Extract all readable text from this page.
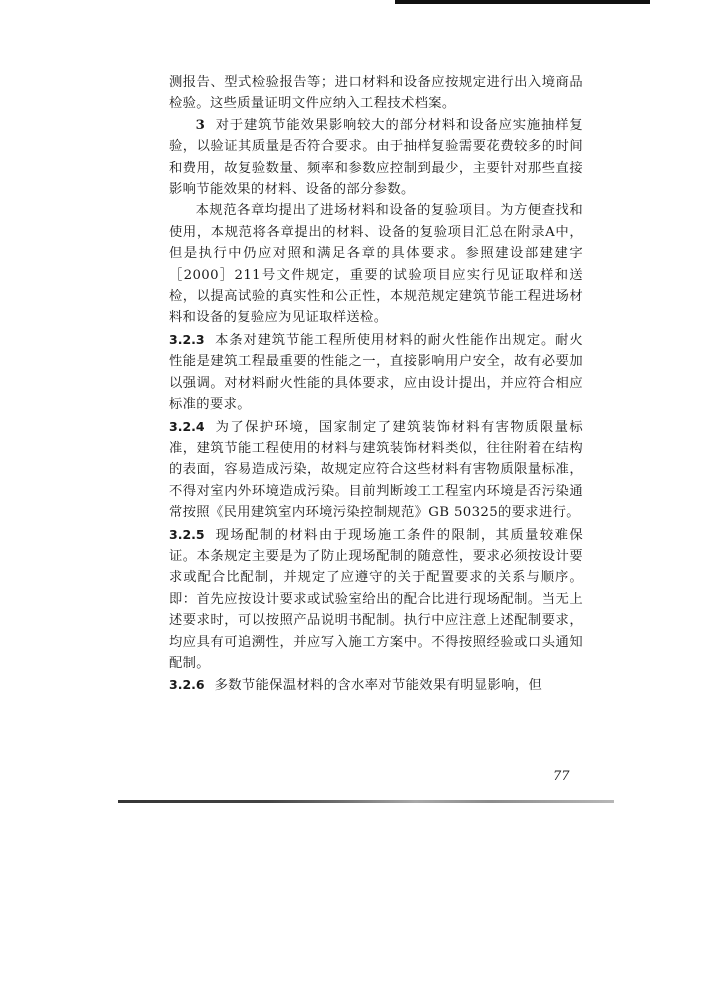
测报告、型式检验报告等；进口材料和设备应按规定进行出入境商品检验。这些质量证明文件应纳入工程技术档案。

3 对于建筑节能效果影响较大的部分材料和设备应实施抽样复验，以验证其质量是否符合要求。由于抽样复验需要花费较多的时间和费用，故复验数量、频率和参数应控制到最少，主要针对那些直接影响节能效果的材料、设备的部分参数。

本规范各章均提出了进场材料和设备的复验项目。为方便查找和使用，本规范将各章提出的材料、设备的复验项目汇总在附录A中，但是执行中仍应对照和满足各章的具体要求。参照建设部建建字［2000］211号文件规定，重要的试验项目应实行见证取样和送检，以提高试验的真实性和公正性，本规范规定建筑节能工程进场材料和设备的复验应为见证取样送检。

3.2.3 本条对建筑节能工程所使用材料的耐火性能作出规定。耐火性能是建筑工程最重要的性能之一，直接影响用户安全，故有必要加以强调。对材料耐火性能的具体要求，应由设计提出，并应符合相应标准的要求。

3.2.4 为了保护环境，国家制定了建筑装饰材料有害物质限量标准，建筑节能工程使用的材料与建筑装饰材料类似，往往附着在结构的表面，容易造成污染，故规定应符合这些材料有害物质限量标准，不得对室内外环境造成污染。目前判断竣工工程室内环境是否污染通常按照《民用建筑室内环境污染控制规范》GB 50325的要求进行。

3.2.5 现场配制的材料由于现场施工条件的限制，其质量较难保证。本条规定主要是为了防止现场配制的随意性，要求必须按设计要求或配合比配制，并规定了应遵守的关于配置要求的关系与顺序。即：首先应按设计要求或试验室给出的配合比进行现场配制。当无上述要求时，可以按照产品说明书配制。执行中应注意上述配制要求，均应具有可追溯性，并应写入施工方案中。不得按照经验或口头通知配制。

3.2.6 多数节能保温材料的含水率对节能效果有明显影响，但

77
